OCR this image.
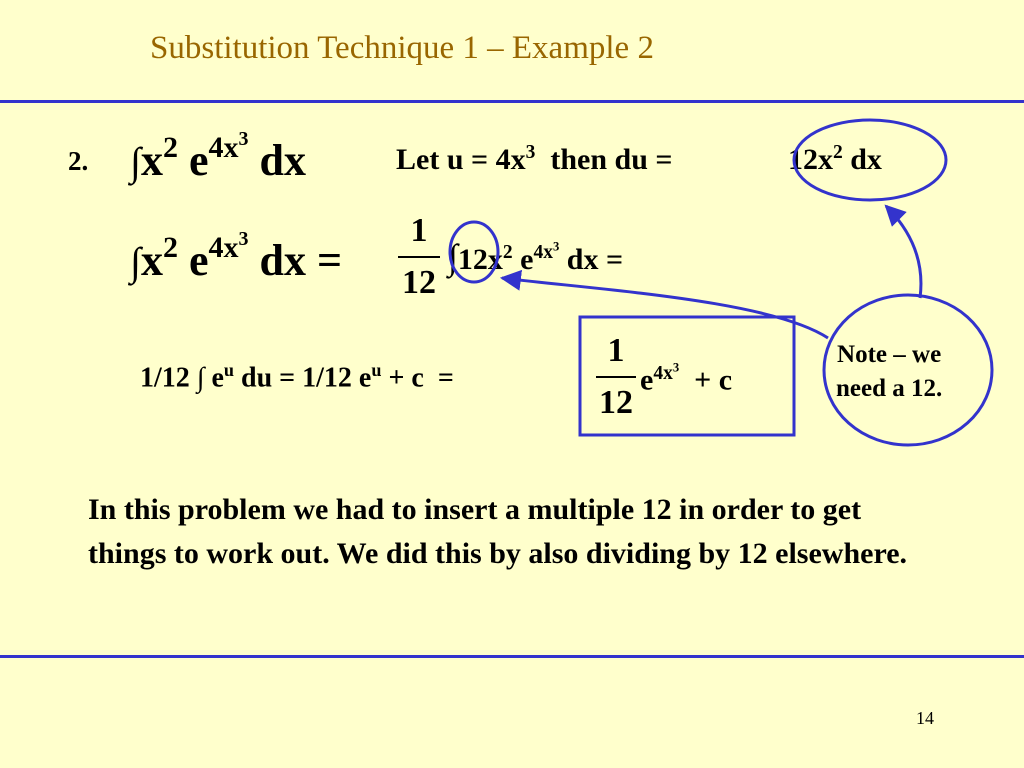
Substitution Technique 1 – Example 2
2. $\int x^2$ $e^{4x^3}$ dx	Let $u = 4x^3$ then du =	$12x^2$ dx
$\int x^2$ $e^{4x^3}$ dx =
1
12
$\int 12x^2$ $e^{4x^3}$ dx =
1/12 ∫ $e^u$ du = 1/12 $e^u + c$ =
1
12
$e^{4x^3} + c$
Note – we
need a 12.
In this problem we had to insert a multiple 12 in order to get things to work out. We did this by also dividing by 12 elsewhere.
14
